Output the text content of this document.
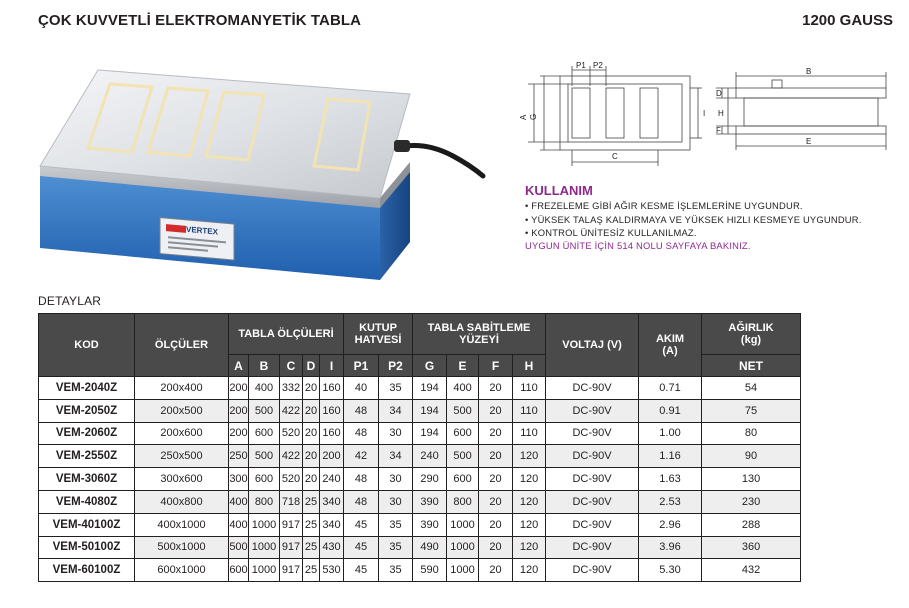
ÇOK KUVVETLİ ELEKTROMANYETİK TABLA	1200 GAUSS
VERTEX
P1 P2
A G	I
C
B
E
D
H
F
KULLANIM
• FREZELEME GİBİ AĞIR KESME İŞLEMLERİNE UYGUNDUR.
• YÜKSEK TALAŞ KALDIRMAYA VE YÜKSEK HIZLI KESMEYE UYGUNDUR.
• KONTROL ÜNİTESİZ KULLANILMAZ.
UYGUN ÜNİTE İÇİN 514 NOLU SAYFAYA BAKINIZ.
DETAYLAR
KOD	ÖLÇÜLER	TABLA ÖLÇÜLERİ					KUTUP HATVESİ		TABLA SABİTLEME YÜZEYİ				VOLTAJ (V)	AKIM (A)	AĞIRLIK (kg)
		A	B	C	D	I	P1	P2	G	E	F	H			NET
VEM-2040Z	200x400	200	400	332	20	160	40	35	194	400	20	110	DC-90V	0.71	54
VEM-2050Z	200x500	200	500	422	20	160	48	34	194	500	20	110	DC-90V	0.91	75
VEM-2060Z	200x600	200	600	520	20	160	48	30	194	600	20	110	DC-90V	1.00	80
VEM-2550Z	250x500	250	500	422	20	200	42	34	240	500	20	120	DC-90V	1.16	90
VEM-3060Z	300x600	300	600	520	20	240	48	30	290	600	20	120	DC-90V	1.63	130
VEM-4080Z	400x800	400	800	718	25	340	48	30	390	800	20	120	DC-90V	2.53	230
VEM-40100Z	400x1000	400	1000	917	25	340	45	35	390	1000	20	120	DC-90V	2.96	288
VEM-50100Z	500x1000	500	1000	917	25	430	45	35	490	1000	20	120	DC-90V	3.96	360
VEM-60100Z	600x1000	600	1000	917	25	530	45	35	590	1000	20	120	DC-90V	5.30	432
